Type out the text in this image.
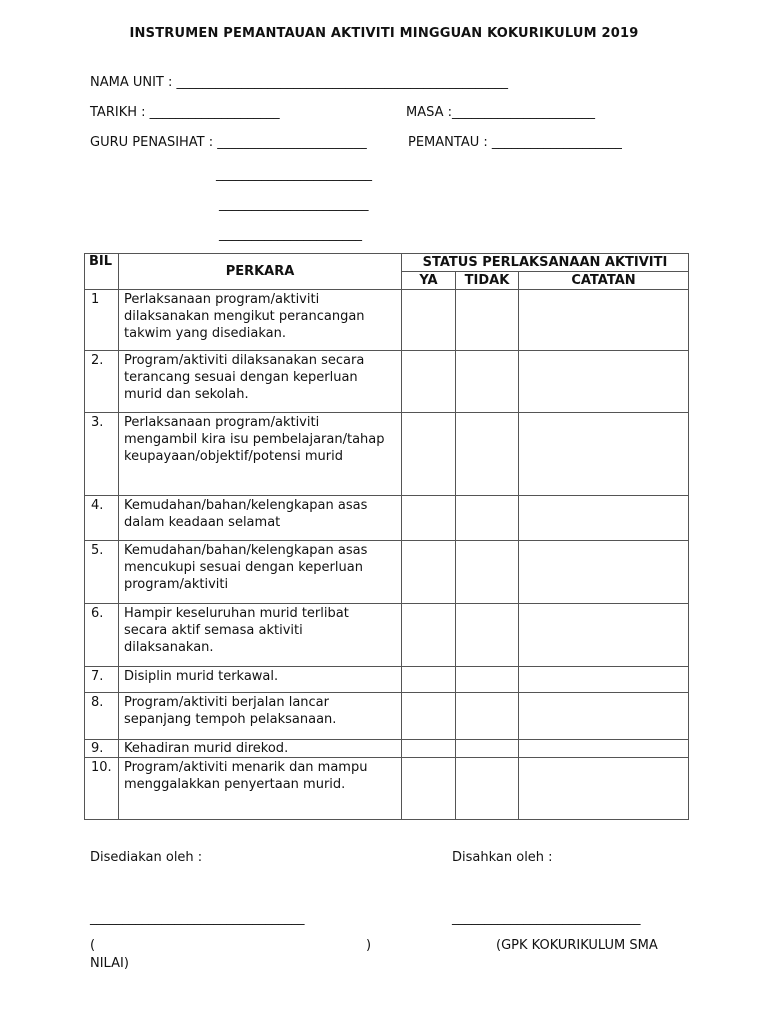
INSTRUMEN PEMANTAUAN AKTIVITI MINGGUAN KOKURIKULUM 2019
NAMA UNIT : ___________________________________________________
TARIKH : ____________________	MASA :______________________
GURU PENASIHAT : _______________________	PEMANTAU : ____________________
________________________
_______________________
______________________
BIL	PERKARA	STATUS PERLAKSANAAN AKTIVITI		
		YA	TIDAK	CATATAN
1	Perlaksanaan program/aktiviti dilaksanakan mengikut perancangan takwim yang disediakan.			
2.	Program/aktiviti dilaksanakan secara terancang sesuai dengan keperluan murid dan sekolah.			
3.	Perlaksanaan program/aktiviti mengambil kira isu pembelajaran/tahap keupayaan/objektif/potensi murid			
4.	Kemudahan/bahan/kelengkapan asas dalam keadaan selamat			
5.	Kemudahan/bahan/kelengkapan asas mencukupi sesuai dengan keperluan program/aktiviti			
6.	Hampir keseluruhan murid terlibat secara aktif semasa aktiviti dilaksanakan.			
7.	Disiplin murid terkawal.			
8.	Program/aktiviti berjalan lancar sepanjang tempoh pelaksanaan.			
9.	Kehadiran murid direkod.			
10.	Program/aktiviti menarik dan mampu menggalakkan penyertaan murid.			
Disediakan oleh :	Disahkan oleh :
_________________________________	_____________________________
(	)	(GPK KOKURIKULUM SMA
NILAI)
